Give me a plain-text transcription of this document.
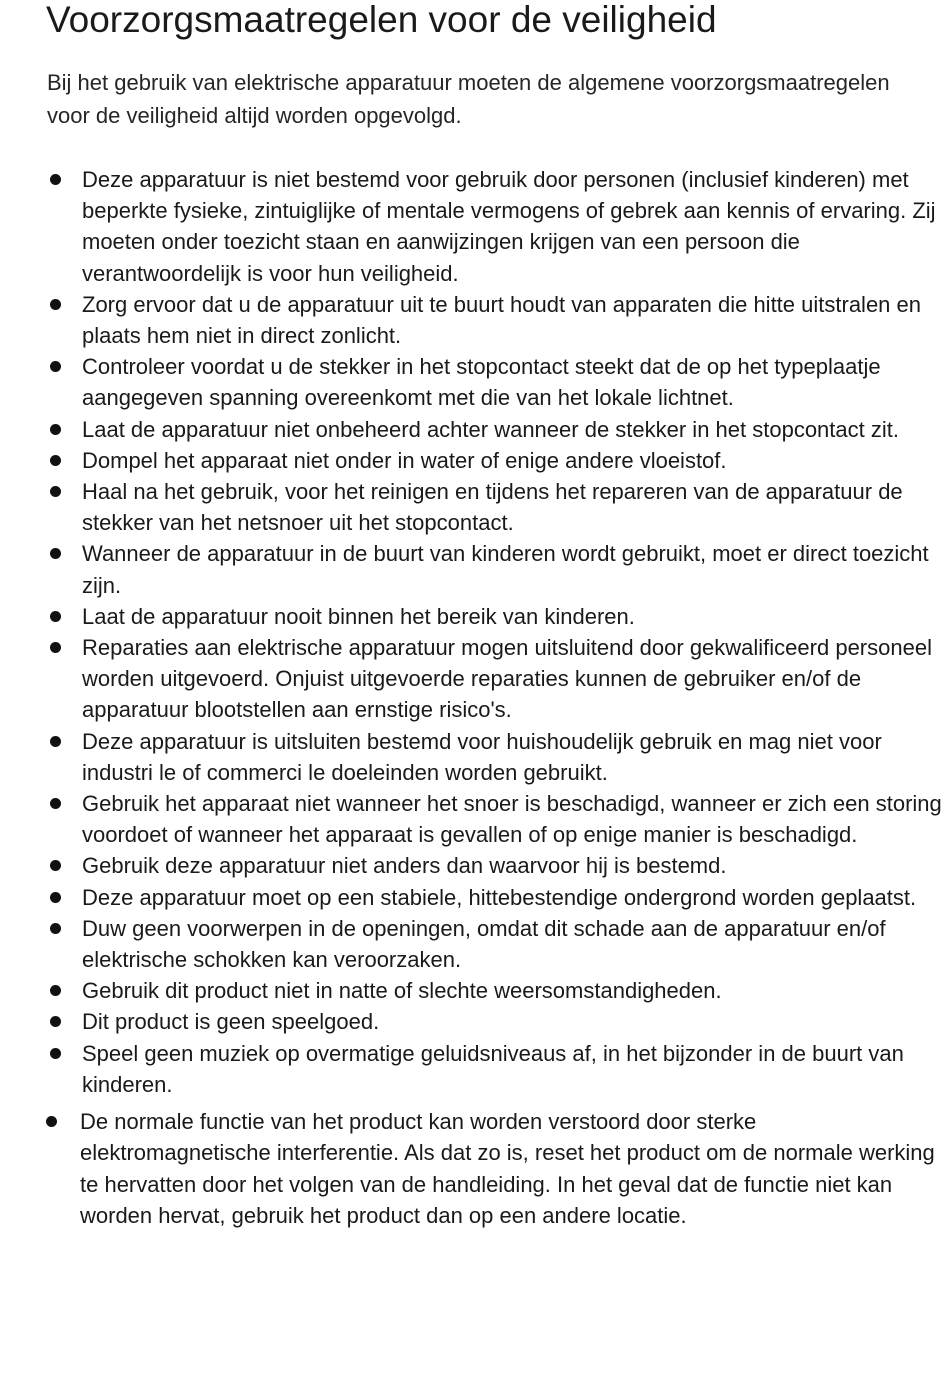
Voorzorgsmaatregelen voor de veiligheid

Bij het gebruik van elektrische apparatuur moeten de algemene voorzorgsmaatregelen voor de veiligheid altijd worden opgevolgd.

Deze apparatuur is niet bestemd voor gebruik door personen (inclusief kinderen) met beperkte fysieke, zintuiglijke of mentale vermogens of gebrek aan kennis of ervaring. Zij moeten onder toezicht staan en aanwijzingen krijgen van een persoon die verantwoordelijk is voor hun veiligheid.
Zorg ervoor dat u de apparatuur uit te buurt houdt van apparaten die hitte uitstralen en plaats hem niet in direct zonlicht.
Controleer voordat u de stekker in het stopcontact steekt dat de op het typeplaatje aangegeven spanning overeenkomt met die van het lokale lichtnet.
Laat de apparatuur niet onbeheerd achter wanneer de stekker in het stopcontact zit.
Dompel het apparaat niet onder in water of enige andere vloeistof.
Haal na het gebruik, voor het reinigen en tijdens het repareren van de apparatuur de stekker van het netsnoer uit het stopcontact.
Wanneer de apparatuur in de buurt van kinderen wordt gebruikt, moet er direct toezicht zijn.
Laat de apparatuur nooit binnen het bereik van kinderen.
Reparaties aan elektrische apparatuur mogen uitsluitend door gekwalificeerd personeel worden uitgevoerd. Onjuist uitgevoerde reparaties kunnen de gebruiker en/of de apparatuur blootstellen aan ernstige risico's.
Deze apparatuur is uitsluiten bestemd voor huishoudelijk gebruik en mag niet voor industri le of commerci le doeleinden worden gebruikt.
Gebruik het apparaat niet wanneer het snoer is beschadigd, wanneer er zich een storing voordoet of wanneer het apparaat is gevallen of op enige manier is beschadigd.
Gebruik deze apparatuur niet anders dan waarvoor hij is bestemd.
Deze apparatuur moet op een stabiele, hittebestendige ondergrond worden geplaatst.
Duw geen voorwerpen in de openingen, omdat dit schade aan de apparatuur en/of elektrische schokken kan veroorzaken.
Gebruik dit product niet in natte of slechte weersomstandigheden.
Dit product is geen speelgoed.
Speel geen muziek op overmatige geluidsniveaus af, in het bijzonder in de buurt van kinderen.
De normale functie van het product kan worden verstoord door sterke elektromagnetische interferentie. Als dat zo is, reset het product om de normale werking te hervatten door het volgen van de handleiding. In het geval dat de functie niet kan worden hervat, gebruik het product dan op een andere locatie.
